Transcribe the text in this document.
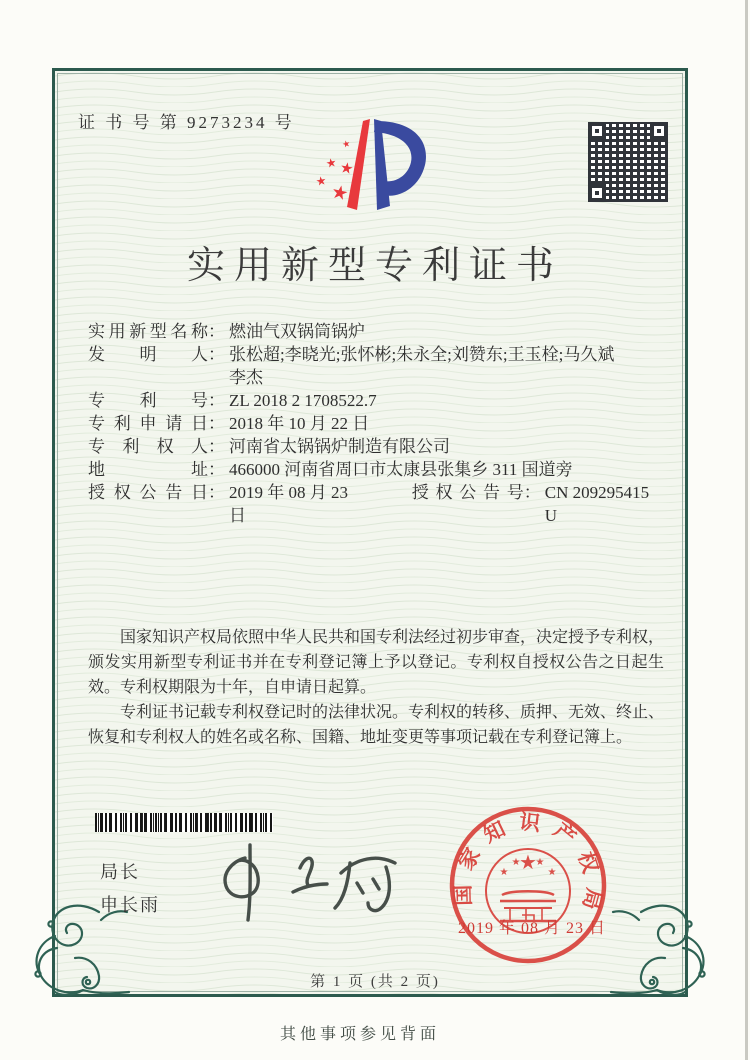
证 书 号 第 9273234 号
★
★ ★
★ ★
实用新型专利证书
实用新型名称 ： 燃油气双锅筒锅炉
发明人 ： 张松超;李晓光;张怀彬;朱永全;刘赞东;王玉栓;马久斌
李杰
专利号 ： ZL 2018 2 1708522.7
专利申请日 ： 2018 年 10 月 22 日
专利权人 ： 河南省太锅锅炉制造有限公司
地址 ： 466000 河南省周口市太康县张集乡 311 国道旁
授权公告日 ： 2019 年 08 月 23 日
授权公告号 ： CN 209295415 U

国家知识产权局依照中华人民共和国专利法经过初步审查，决定授予专利权，颁发实用新型专利证书并在专利登记簿上予以登记。专利权自授权公告之日起生效。专利权期限为十年，自申请日起算。

专利证书记载专利权登记时的法律状况。专利权的转移、质押、无效、终止、恢复和专利权人的姓名或名称、国籍、地址变更等事项记载在专利登记簿上。

局长
申长雨
★
★
★ ★
★
国家知识产权局
2019 年 08 月 23 日
第 1 页 (共 2 页)
其他事项参见背面
